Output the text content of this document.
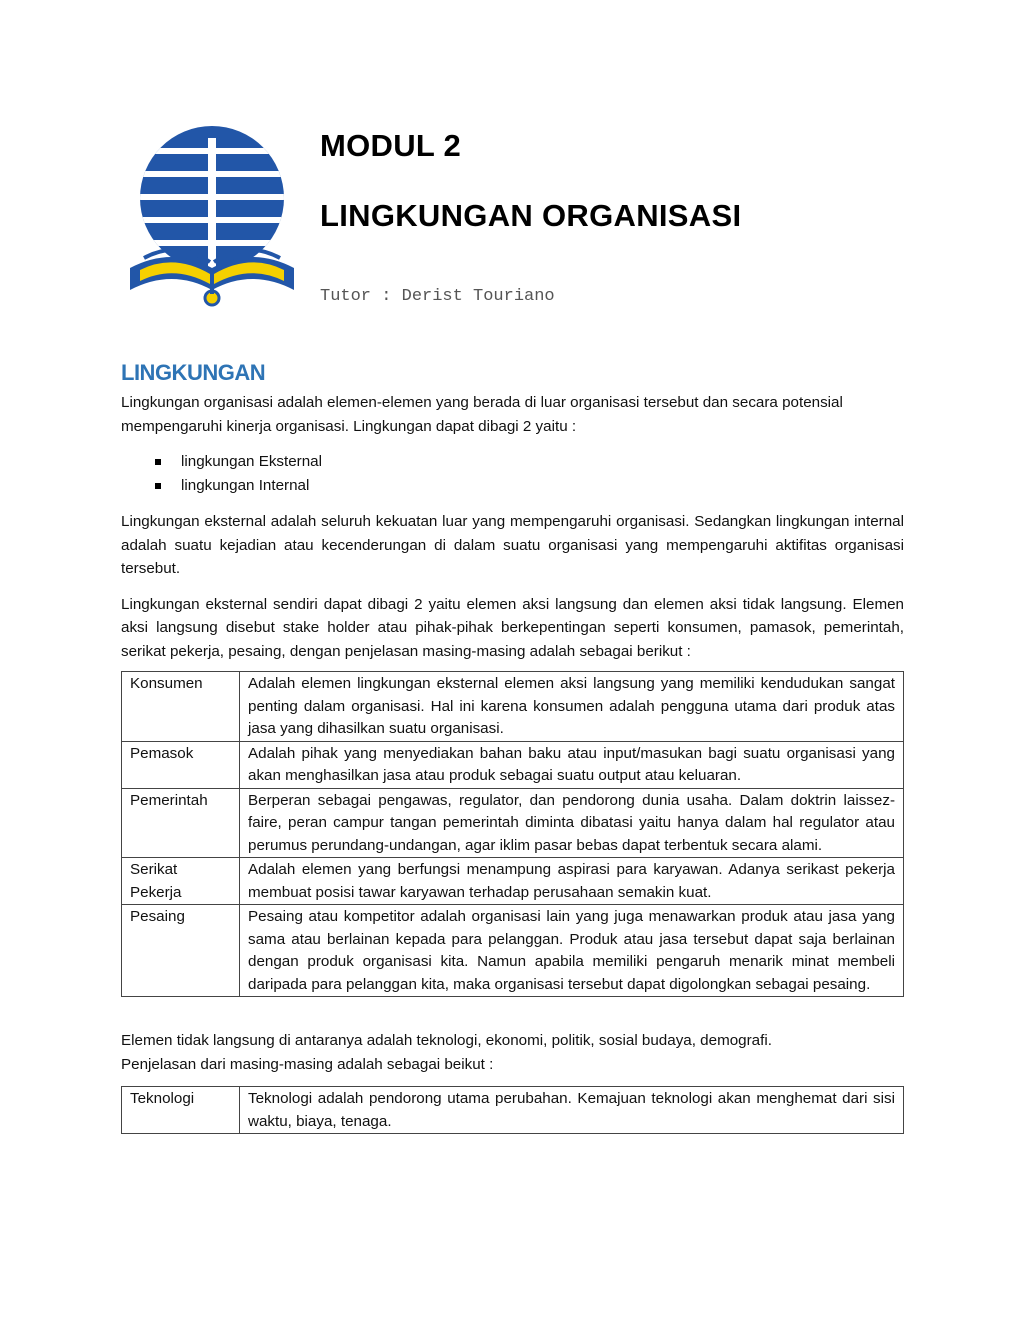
MODUL 2
LINGKUNGAN ORGANISASI

Tutor : Derist Touriano

LINGKUNGAN

Lingkungan organisasi adalah elemen-elemen yang berada di luar organisasi tersebut dan secara potensial mempengaruhi kinerja organisasi. Lingkungan dapat dibagi 2 yaitu :

lingkungan Eksternal
lingkungan Internal

Lingkungan eksternal adalah seluruh kekuatan luar yang mempengaruhi organisasi. Sedangkan lingkungan internal adalah suatu kejadian atau kecenderungan di dalam suatu organisasi yang mempengaruhi aktifitas organisasi tersebut.

Lingkungan eksternal sendiri dapat dibagi 2 yaitu elemen aksi langsung dan elemen aksi tidak langsung. Elemen aksi langsung disebut stake holder atau pihak-pihak berkepentingan seperti konsumen, pamasok, pemerintah, serikat pekerja, pesaing, dengan penjelasan masing-masing adalah sebagai berikut :

Konsumen	Adalah elemen lingkungan eksternal elemen aksi langsung yang memiliki kendudukan sangat penting dalam organisasi. Hal ini karena konsumen adalah pengguna utama dari produk atas jasa yang dihasilkan suatu organisasi.
Pemasok	Adalah pihak yang menyediakan bahan baku atau input/masukan bagi suatu organisasi yang akan menghasilkan jasa atau produk sebagai suatu output atau keluaran.
Pemerintah	Berperan sebagai pengawas, regulator, dan pendorong dunia usaha. Dalam doktrin laissez-faire, peran campur tangan pemerintah diminta dibatasi yaitu hanya dalam hal regulator atau perumus perundang-undangan, agar iklim pasar bebas dapat terbentuk secara alami.
Serikat Pekerja	Adalah elemen yang berfungsi menampung aspirasi para karyawan. Adanya serikast pekerja membuat posisi tawar karyawan terhadap perusahaan semakin kuat.
Pesaing	Pesaing atau kompetitor adalah organisasi lain yang juga menawarkan produk atau jasa yang sama atau berlainan kepada para pelanggan. Produk atau jasa tersebut dapat saja berlainan dengan produk organisasi kita. Namun apabila memiliki pengaruh menarik minat membeli daripada para pelanggan kita, maka organisasi tersebut dapat digolongkan sebagai pesaing.

Elemen tidak langsung di antaranya adalah teknologi, ekonomi, politik, sosial budaya, demografi.

Penjelasan dari masing-masing adalah sebagai beikut :

Teknologi	Teknologi adalah pendorong utama perubahan. Kemajuan teknologi akan menghemat dari sisi waktu, biaya, tenaga.
